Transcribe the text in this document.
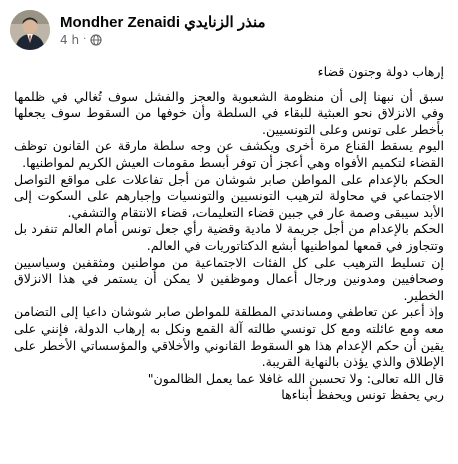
Mondher Zenaidi منذر الزنايدي
4 h ·

إرهاب دولة وجنون قضاء

سبق أن نبهنا إلى أن منظومة الشعبوية والعجز والفشل سوف تُغالي في ظلمها وفي الانزلاق نحو العبثية للبقاء في السلطة وأن خوفها من السقوط سوف يجعلها بأخطر على تونس وعلى التونسيين.

اليوم يسقط القناع مرة أخرى ويكشف عن وجه سلطة مارقة عن القانون توظف القضاء لتكميم الأفواه وهي أعجز أن توفر أبسط مقومات العيش الكريم لمواطنيها.

الحكم بالإعدام على المواطن صابر شوشان من أجل تفاعلات على مواقع التواصل الاجتماعي في محاولة لترهيب التونسيين والتونسيات وإجبارهم على السكوت إلى الأبد سيبقى وصمة عار في جبين قضاء التعليمات، قضاء الانتقام والتشفي.

الحكم بالإعدام من أجل جريمة لا مادية وقضية رأي جعل تونس أمام العالم تنفرد بل وتتجاوز في قمعها لمواطنيها أبشع الدكتاتوريات في العالم.

إن تسليط الترهيب على كل الفئات الاجتماعية من مواطنين ومثقفين وسياسيين وصحافيين ومدونين ورجال أعمال وموظفين لا يمكن أن يستمر في هذا الانزلاق الخطير.

وإذ أعبر عن تعاطفي ومساندتي المطلقة للمواطن صابر شوشان داعيا إلى التضامن معه ومع عائلته ومع كل تونسي طالته آلة القمع ونكل به إرهاب الدولة، فإنني على يقين أن حكم الإعدام هذا هو السقوط القانوني والأخلاقي والمؤسساتي الأخطر على الإطلاق والذي يؤذن بالنهاية القريبة.

قال الله تعالى: ولا تحسبن الله غافلا عما يعمل الظالمون"

ربي يحفظ تونس ويحفظ أبناءها
